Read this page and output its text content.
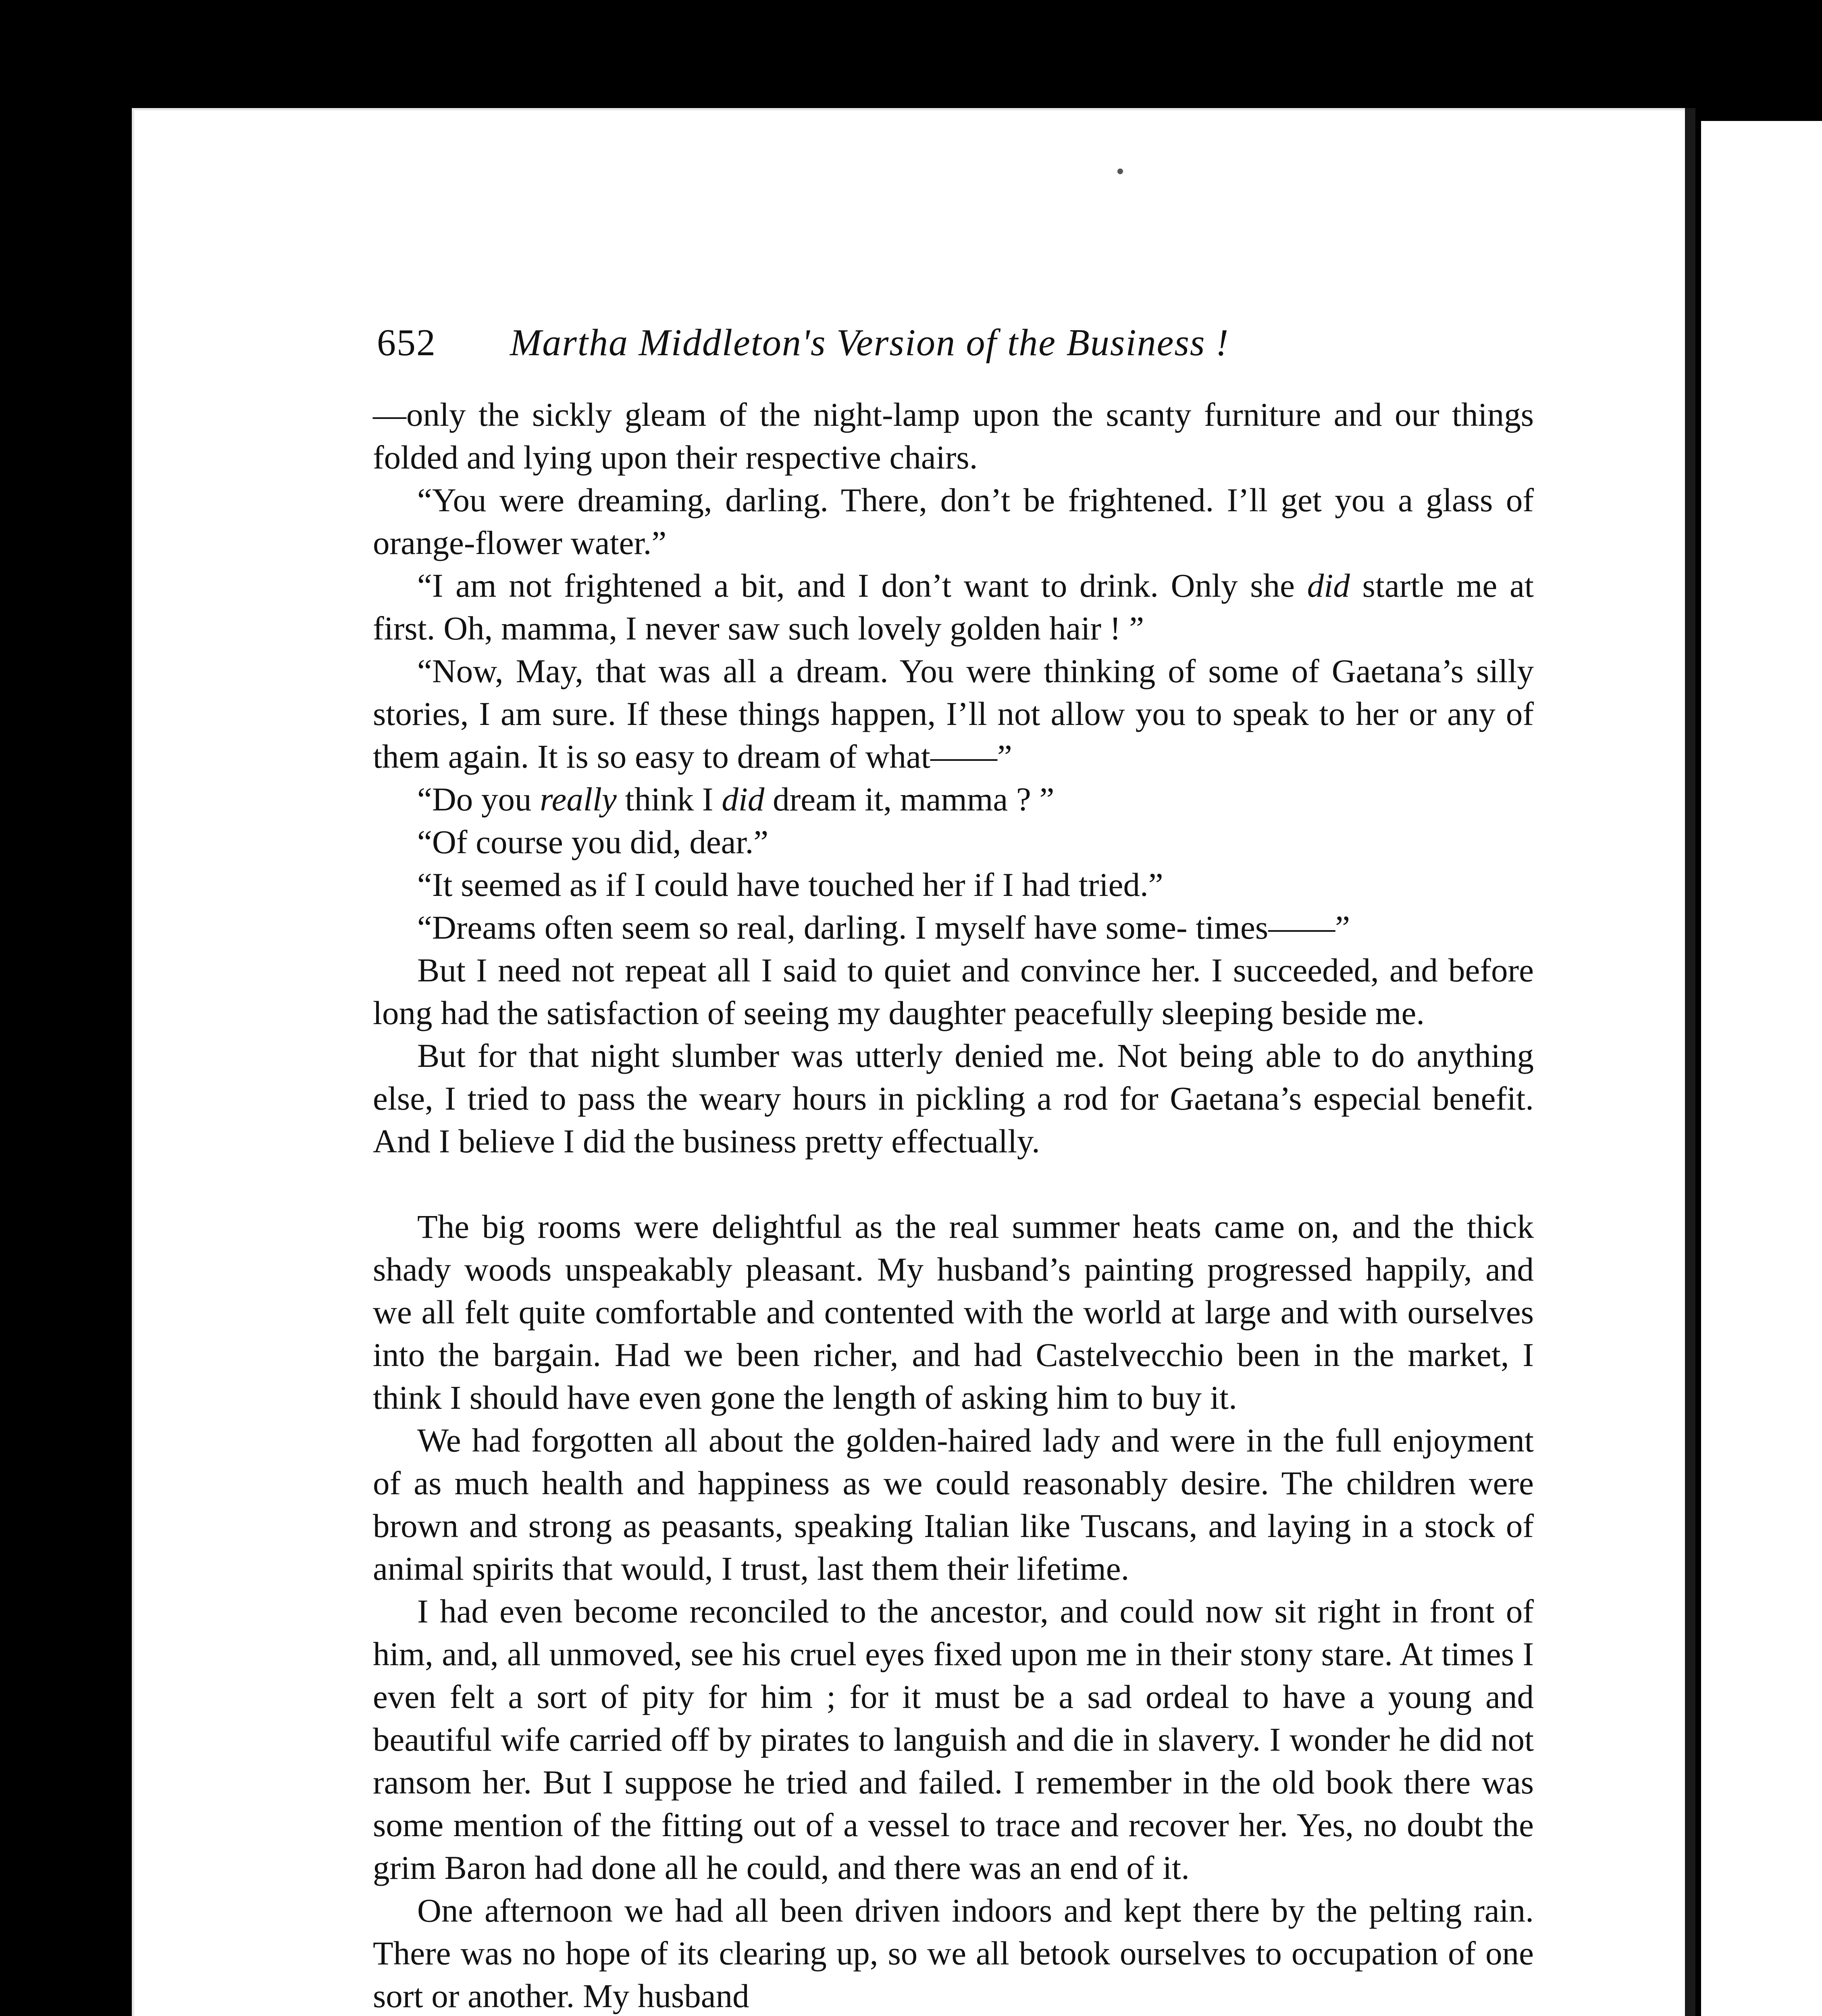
652 Martha Middleton's Version of the Business !

—only the sickly gleam of the night-lamp upon the scanty furniture and our things folded and lying upon their respective chairs.

“You were dreaming, darling. There, don’t be frightened. I’ll get you a glass of orange-flower water.”

“I am not frightened a bit, and I don’t want to drink. Only she did startle me at first. Oh, mamma, I never saw such lovely golden hair ! ”

“Now, May, that was all a dream. You were thinking of some of Gaetana’s silly stories, I am sure. If these things happen, I’ll not allow you to speak to her or any of them again. It is so easy to dream of what——”

“Do you really think I did dream it, mamma ? ”

“Of course you did, dear.”

“It seemed as if I could have touched her if I had tried.”

“Dreams often seem so real, darling. I myself have some- times——”

But I need not repeat all I said to quiet and convince her. I succeeded, and before long had the satisfaction of seeing my daughter peacefully sleeping beside me.

But for that night slumber was utterly denied me. Not being able to do anything else, I tried to pass the weary hours in pickling a rod for Gaetana’s especial benefit. And I believe I did the business pretty effectually.

The big rooms were delightful as the real summer heats came on, and the thick shady woods unspeakably pleasant. My husband’s painting progressed happily, and we all felt quite comfortable and contented with the world at large and with ourselves into the bargain. Had we been richer, and had Castelvecchio been in the market, I think I should have even gone the length of asking him to buy it.

We had forgotten all about the golden-haired lady and were in the full enjoyment of as much health and happiness as we could reasonably desire. The children were brown and strong as peasants, speaking Italian like Tuscans, and laying in a stock of animal spirits that would, I trust, last them their lifetime.

I had even become reconciled to the ancestor, and could now sit right in front of him, and, all unmoved, see his cruel eyes fixed upon me in their stony stare. At times I even felt a sort of pity for him ; for it must be a sad ordeal to have a young and beautiful wife carried off by pirates to languish and die in slavery. I wonder he did not ransom her. But I suppose he tried and failed. I remember in the old book there was some mention of the fitting out of a vessel to trace and recover her. Yes, no doubt the grim Baron had done all he could, and there was an end of it.

One afternoon we had all been driven indoors and kept there by the pelting rain. There was no hope of its clearing up, so we all betook ourselves to occupation of one sort or another. My husband
